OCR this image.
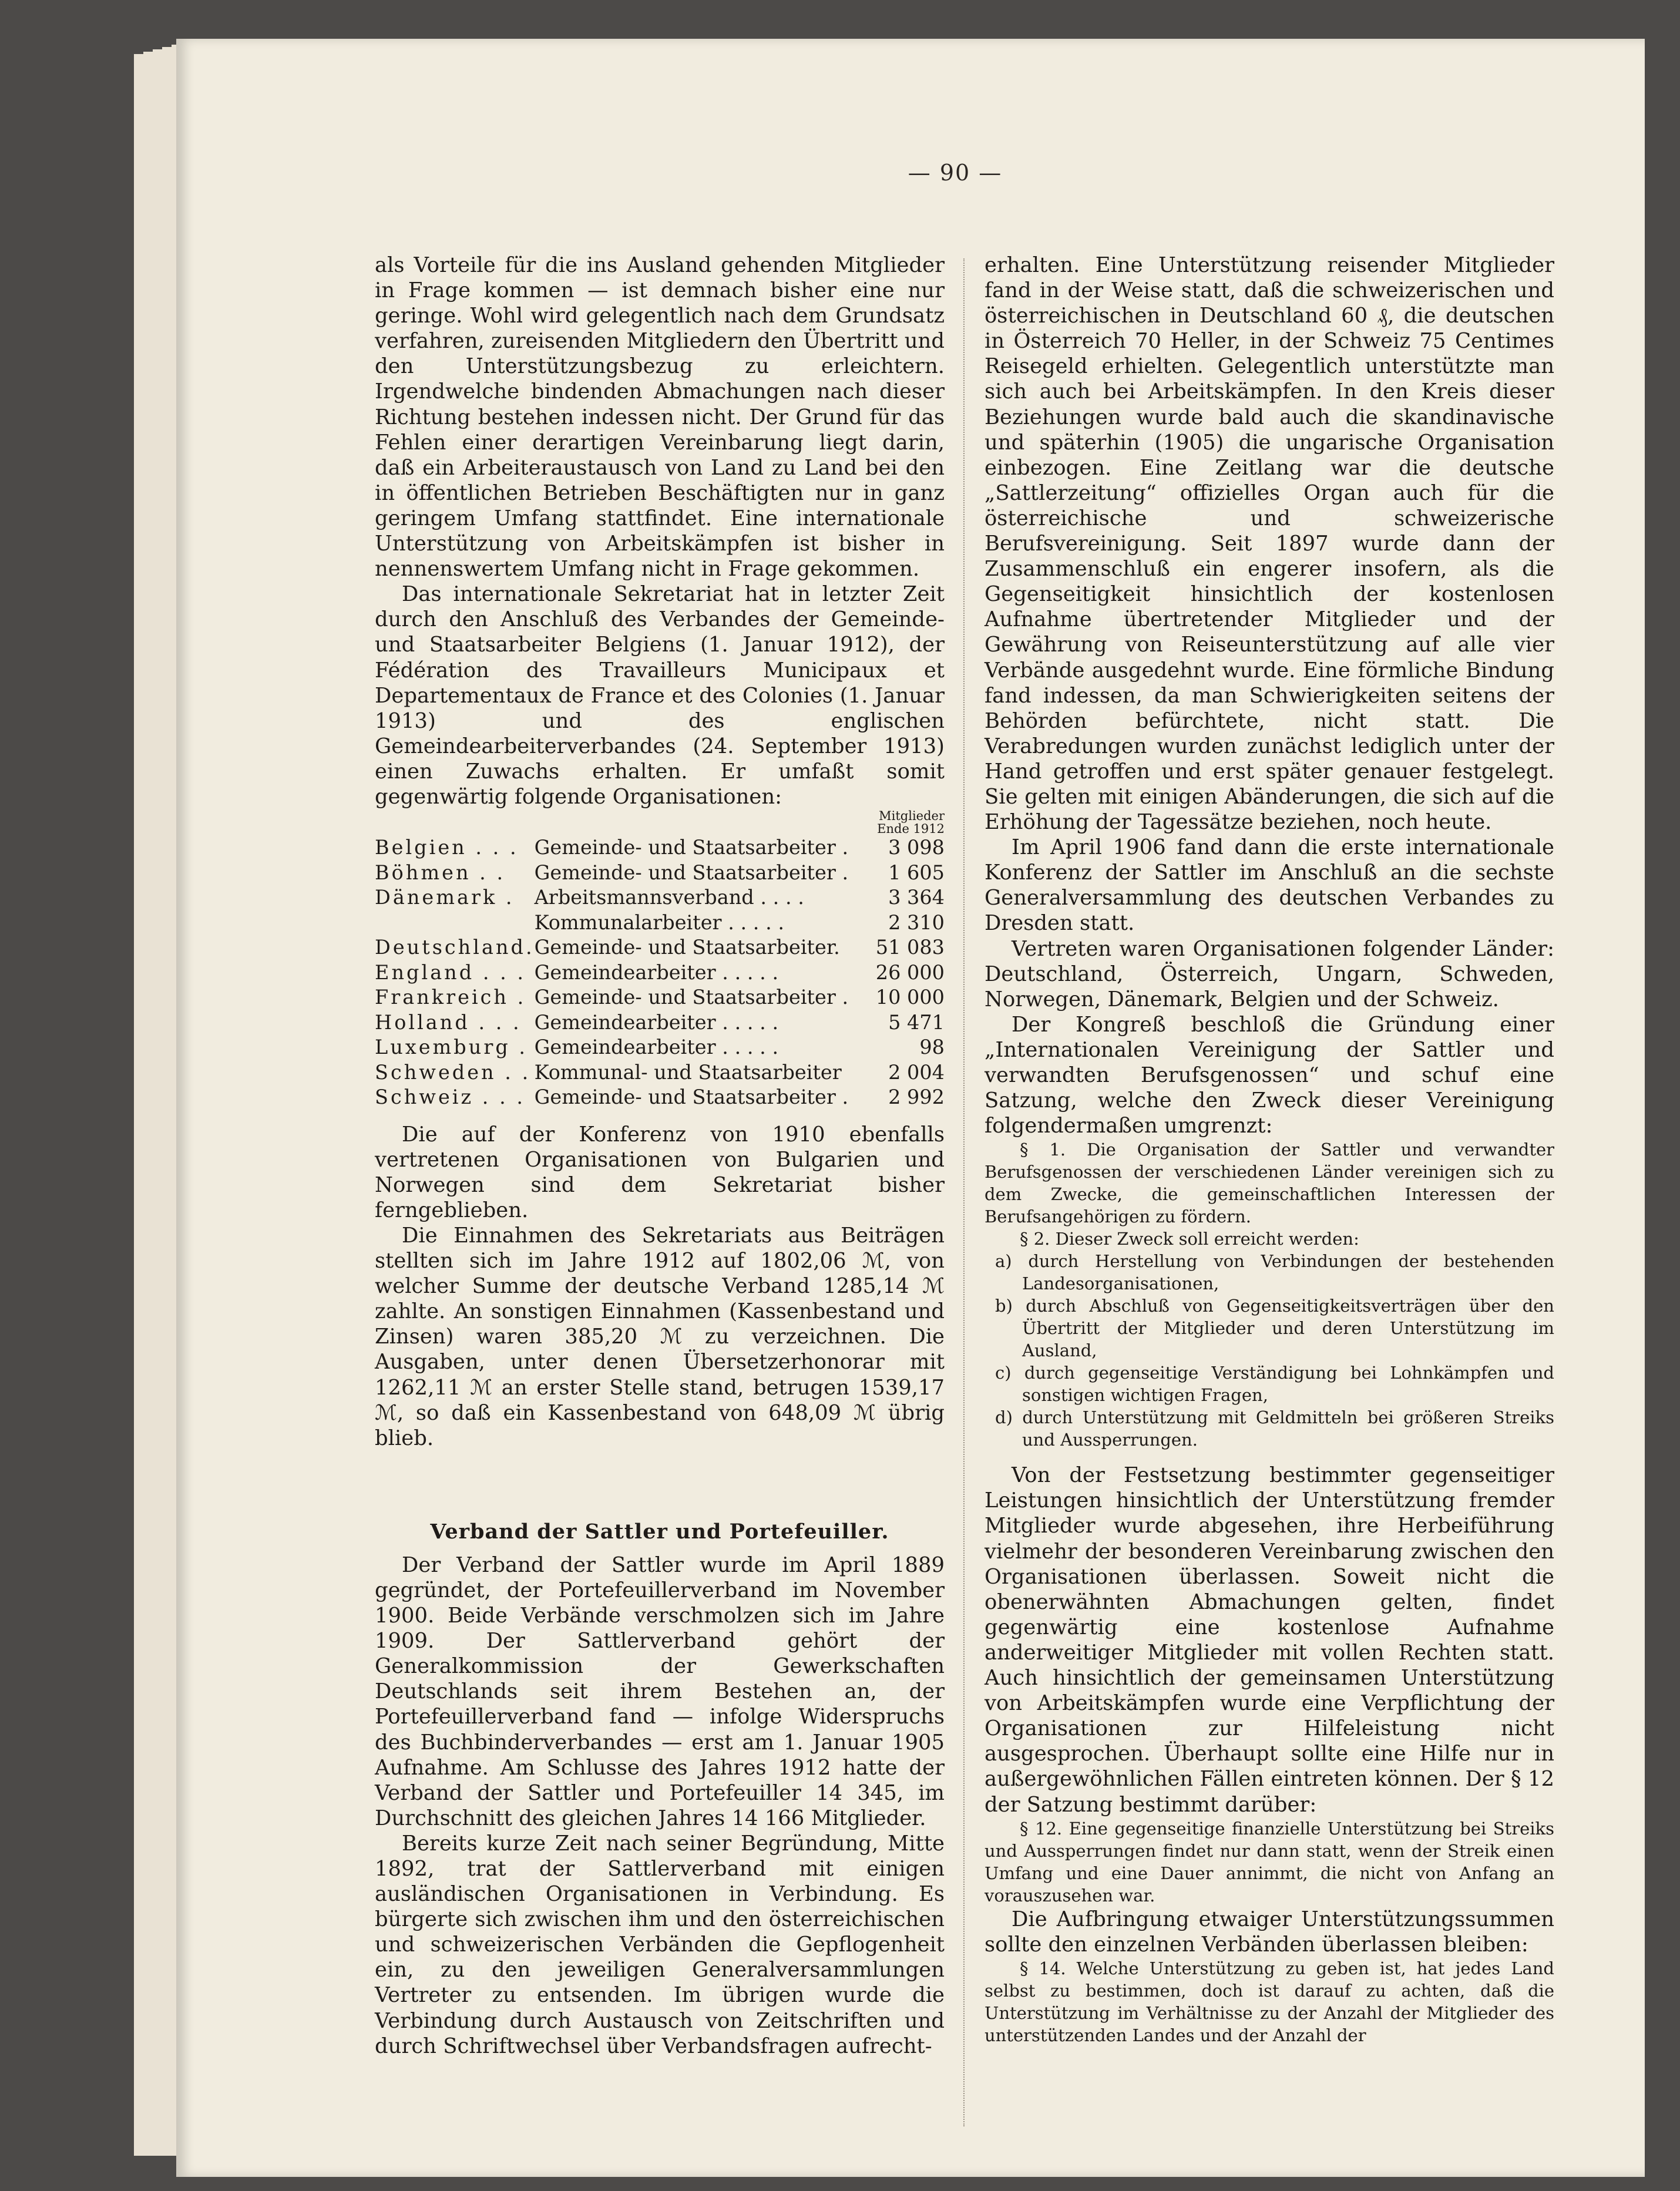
— 90 —

als Vorteile für die ins Ausland gehenden Mitglieder in Frage kommen — ist demnach bisher eine nur geringe. Wohl wird gelegentlich nach dem Grundsatz verfahren, zureisenden Mitgliedern den Übertritt und den Unterstützungsbezug zu erleichtern. Irgendwelche bindenden Abmachungen nach dieser Richtung bestehen indessen nicht. Der Grund für das Fehlen einer derartigen Vereinbarung liegt darin, daß ein Arbeiteraustausch von Land zu Land bei den in öffentlichen Betrieben Beschäftigten nur in ganz geringem Umfang stattfindet. Eine internationale Unterstützung von Arbeitskämpfen ist bisher in nennenswertem Umfang nicht in Frage gekommen.

Das internationale Sekretariat hat in letzter Zeit durch den Anschluß des Verbandes der Gemeinde- und Staatsarbeiter Belgiens (1. Januar 1912), der Fédération des Travailleurs Municipaux et Departementaux de France et des Colonies (1. Januar 1913) und des englischen Gemeindearbeiterverbandes (24. September 1913) einen Zuwachs erhalten. Er umfaßt somit gegenwärtig folgende Organisationen:

		Mitglieder
Ende 1912

Belgien . . .	Gemeinde- und Staatsarbeiter .	3 098
Böhmen . .	Gemeinde- und Staatsarbeiter .	1 605
Dänemark .	Arbeitsmannsverband . . . .	3 364
	Kommunalarbeiter . . . . .	2 310
Deutschland.	Gemeinde- und Staatsarbeiter.	51 083
England . . .	Gemeindearbeiter . . . . .	26 000
Frankreich .	Gemeinde- und Staatsarbeiter .	10 000
Holland . . .	Gemeindearbeiter . . . . .	5 471
Luxemburg .	Gemeindearbeiter . . . . .	98
Schweden . .	Kommunal- und Staatsarbeiter	2 004
Schweiz . . .	Gemeinde- und Staatsarbeiter .	2 992

Die auf der Konferenz von 1910 ebenfalls vertretenen Organisationen von Bulgarien und Norwegen sind dem Sekretariat bisher ferngeblieben.

Die Einnahmen des Sekretariats aus Beiträgen stellten sich im Jahre 1912 auf 1802,06 ℳ, von welcher Summe der deutsche Verband 1285,14 ℳ zahlte. An sonstigen Einnahmen (Kassenbestand und Zinsen) waren 385,20 ℳ zu verzeichnen. Die Ausgaben, unter denen Übersetzerhonorar mit 1262,11 ℳ an erster Stelle stand, betrugen 1539,17 ℳ, so daß ein Kassenbestand von 648,09 ℳ übrig blieb.

Verband der Sattler und Portefeuiller.

Der Verband der Sattler wurde im April 1889 gegründet, der Portefeuillerverband im November 1900. Beide Verbände verschmolzen sich im Jahre 1909. Der Sattlerverband gehört der Generalkommission der Gewerkschaften Deutschlands seit ihrem Bestehen an, der Portefeuillerverband fand — infolge Widerspruchs des Buchbinderverbandes — erst am 1. Januar 1905 Aufnahme. Am Schlusse des Jahres 1912 hatte der Verband der Sattler und Portefeuiller 14 345, im Durchschnitt des gleichen Jahres 14 166 Mitglieder.

Bereits kurze Zeit nach seiner Begründung, Mitte 1892, trat der Sattlerverband mit einigen ausländischen Organisationen in Verbindung. Es bürgerte sich zwischen ihm und den österreichischen und schweizerischen Verbänden die Gepflogenheit ein, zu den jeweiligen Generalversammlungen Vertreter zu entsenden. Im übrigen wurde die Verbindung durch Austausch von Zeitschriften und durch Schriftwechsel über Verbandsfragen aufrecht-

erhalten. Eine Unterstützung reisender Mitglieder fand in der Weise statt, daß die schweizerischen und österreichischen in Deutschland 60 ₰, die deutschen in Österreich 70 Heller, in der Schweiz 75 Centimes Reisegeld erhielten. Gelegentlich unterstützte man sich auch bei Arbeitskämpfen. In den Kreis dieser Beziehungen wurde bald auch die skandinavische und späterhin (1905) die ungarische Organisation einbezogen. Eine Zeitlang war die deutsche „Sattlerzeitung“ offizielles Organ auch für die österreichische und schweizerische Berufsvereinigung. Seit 1897 wurde dann der Zusammenschluß ein engerer insofern, als die Gegenseitigkeit hinsichtlich der kostenlosen Aufnahme übertretender Mitglieder und der Gewährung von Reiseunterstützung auf alle vier Verbände ausgedehnt wurde. Eine förmliche Bindung fand indessen, da man Schwierigkeiten seitens der Behörden befürchtete, nicht statt. Die Verabredungen wurden zunächst lediglich unter der Hand getroffen und erst später genauer festgelegt. Sie gelten mit einigen Abänderungen, die sich auf die Erhöhung der Tagessätze beziehen, noch heute.

Im April 1906 fand dann die erste internationale Konferenz der Sattler im Anschluß an die sechste Generalversammlung des deutschen Verbandes zu Dresden statt.

Vertreten waren Organisationen folgender Länder: Deutschland, Österreich, Ungarn, Schweden, Norwegen, Dänemark, Belgien und der Schweiz.

Der Kongreß beschloß die Gründung einer „Internationalen Vereinigung der Sattler und verwandten Berufsgenossen“ und schuf eine Satzung, welche den Zweck dieser Vereinigung folgendermaßen umgrenzt:

§ 1. Die Organisation der Sattler und verwandter Berufsgenossen der verschiedenen Länder vereinigen sich zu dem Zwecke, die gemeinschaftlichen Interessen der Berufsangehörigen zu fördern.

§ 2. Dieser Zweck soll erreicht werden:

a) durch Herstellung von Verbindungen der bestehenden Landesorganisationen,

b) durch Abschluß von Gegenseitigkeitsverträgen über den Übertritt der Mitglieder und deren Unterstützung im Ausland,

c) durch gegenseitige Verständigung bei Lohnkämpfen und sonstigen wichtigen Fragen,

d) durch Unterstützung mit Geldmitteln bei größeren Streiks und Aussperrungen.

Von der Festsetzung bestimmter gegenseitiger Leistungen hinsichtlich der Unterstützung fremder Mitglieder wurde abgesehen, ihre Herbeiführung vielmehr der besonderen Vereinbarung zwischen den Organisationen überlassen. Soweit nicht die obenerwähnten Abmachungen gelten, findet gegenwärtig eine kostenlose Aufnahme anderweitiger Mitglieder mit vollen Rechten statt. Auch hinsichtlich der gemeinsamen Unterstützung von Arbeitskämpfen wurde eine Verpflichtung der Organisationen zur Hilfeleistung nicht ausgesprochen. Überhaupt sollte eine Hilfe nur in außergewöhnlichen Fällen eintreten können. Der § 12 der Satzung bestimmt darüber:

§ 12. Eine gegenseitige finanzielle Unterstützung bei Streiks und Aussperrungen findet nur dann statt, wenn der Streik einen Umfang und eine Dauer annimmt, die nicht von Anfang an vorauszusehen war.

Die Aufbringung etwaiger Unterstützungssummen sollte den einzelnen Verbänden überlassen bleiben:

§ 14. Welche Unterstützung zu geben ist, hat jedes Land selbst zu bestimmen, doch ist darauf zu achten, daß die Unterstützung im Verhältnisse zu der Anzahl der Mitglieder des unterstützenden Landes und der Anzahl der
